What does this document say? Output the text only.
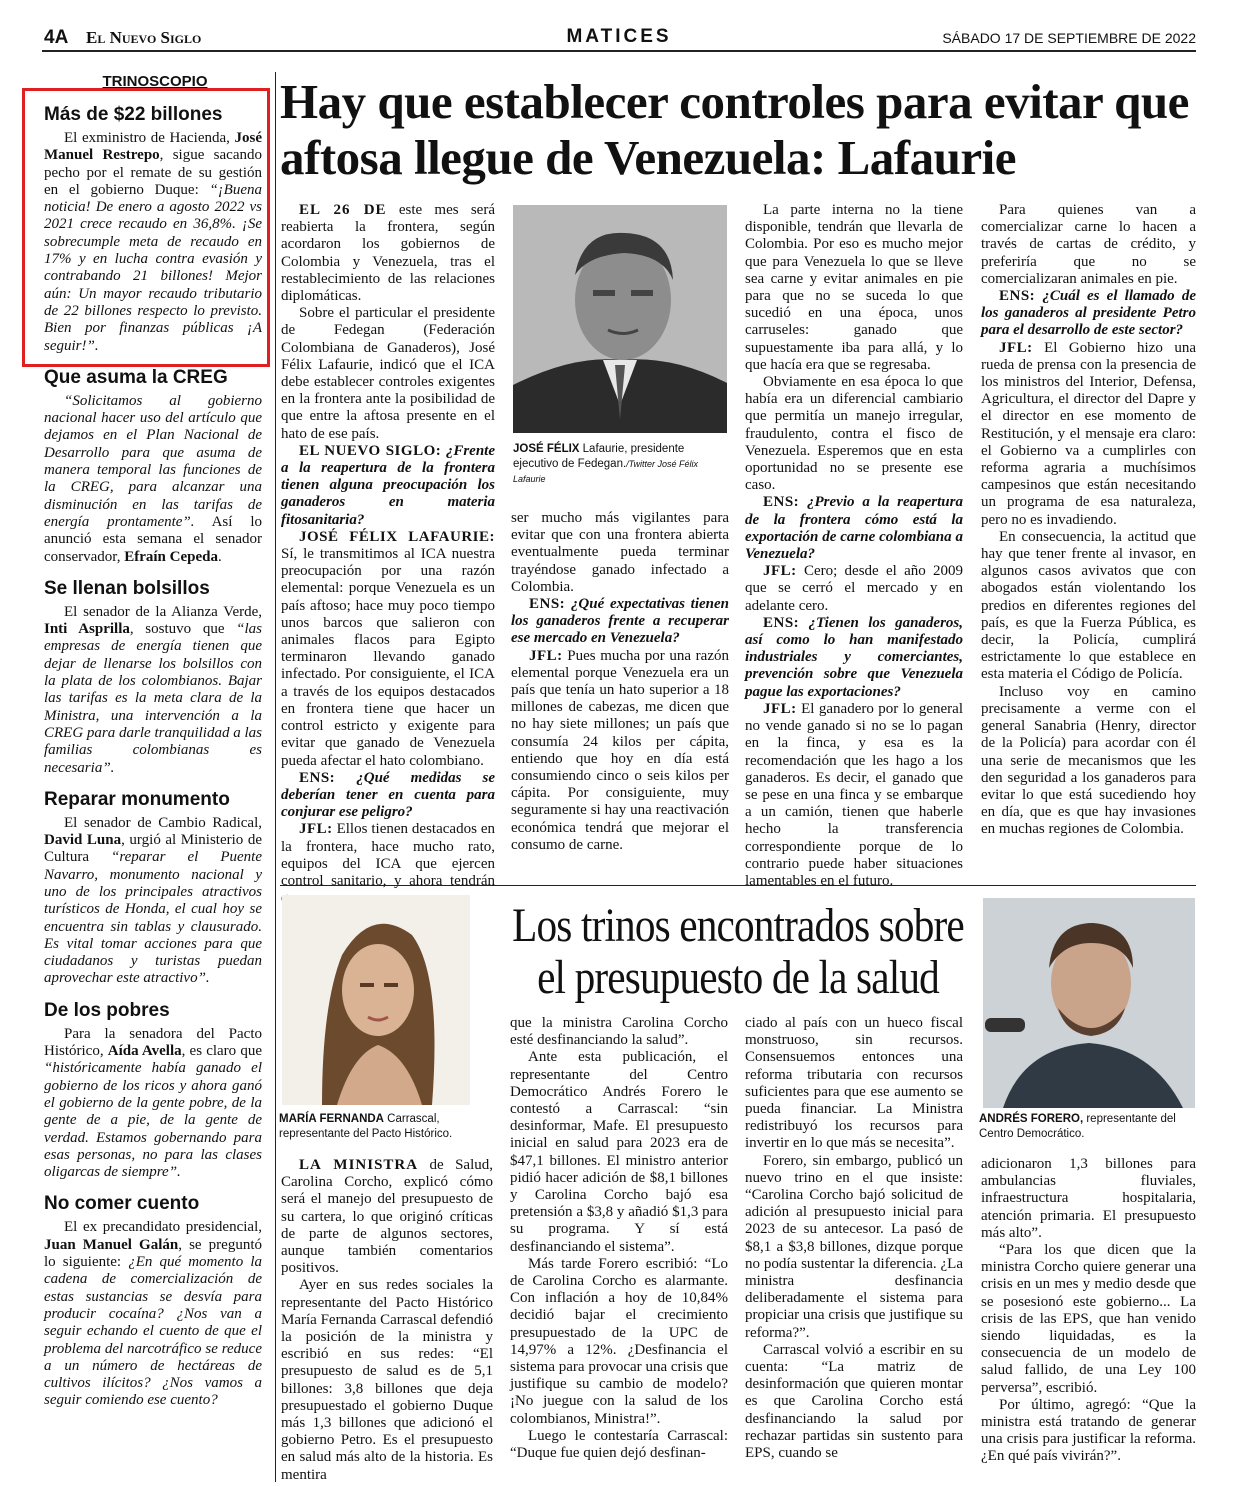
4A El Nuevo Siglo	MATICES	SÁBADO 17 DE SEPTIEMBRE DE 2022
TRINOSCOPIO
Más de $22 billones

El exministro de Hacienda, José Manuel Restrepo, sigue sacando pecho por el remate de su gestión en el gobierno Duque: “¡Buena noticia! De enero a agosto 2022 vs 2021 crece recaudo en 36,8%. ¡Se sobrecumple meta de recaudo en 17% y en lucha contra evasión y contrabando 21 billones! Mejor aún: Un mayor recaudo tributario de 22 billones respecto lo previsto. Bien por finanzas públicas ¡A seguir!”.

Que asuma la CREG

“Solicitamos al gobierno nacional hacer uso del artículo que dejamos en el Plan Nacional de Desarrollo para que asuma de manera temporal las funciones de la CREG, para alcanzar una disminución en las tarifas de energía prontamente”. Así lo anunció esta semana el senador conservador, Efraín Cepeda.

Se llenan bolsillos

El senador de la Alianza Verde, Inti Asprilla, sostuvo que “las empresas de energía tienen que dejar de llenarse los bolsillos con la plata de los colombianos. Bajar las tarifas es la meta clara de la Ministra, una intervención a la CREG para darle tranquilidad a las familias colombianas es necesaria”.

Reparar monumento

El senador de Cambio Radical, David Luna, urgió al Ministerio de Cultura “reparar el Puente Navarro, monumento nacional y uno de los principales atractivos turísticos de Honda, el cual hoy se encuentra sin tablas y clausurado. Es vital tomar acciones para que ciudadanos y turistas puedan aprovechar este atractivo”.

De los pobres

Para la senadora del Pacto Histórico, Aída Avella, es claro que “históricamente había ganado el gobierno de los ricos y ahora ganó el gobierno de la gente pobre, de la gente de a pie, de la gente de verdad. Estamos gobernando para esas personas, no para las clases oligarcas de siempre”.

No comer cuento

El ex precandidato presidencial, Juan Manuel Galán, se preguntó lo siguiente: ¿En qué momento la cadena de comercialización de estas sustancias se desvía para producir cocaína? ¿Nos van a seguir echando el cuento de que el problema del narcotráfico se reduce a un número de hectáreas de cultivos ilícitos? ¿Nos vamos a seguir comiendo ese cuento?

Hay que establecer controles para evitar que aftosa llegue de Venezuela: Lafaurie

EL 26 DE este mes será reabierta la frontera, según acordaron los gobiernos de Colombia y Venezuela, tras el restablecimiento de las relaciones diplomáticas.

Sobre el particular el presidente de Fedegan (Federación Colombiana de Ganaderos), José Félix Lafaurie, indicó que el ICA debe establecer controles exigentes en la frontera ante la posibilidad de que entre la aftosa presente en el hato de ese país.

EL NUEVO SIGLO: ¿Frente a la reapertura de la frontera tienen alguna preocupación los ganaderos en materia fitosanitaria?

JOSÉ FÉLIX LAFAURIE: Sí, le transmitimos al ICA nuestra preocupación por una razón elemental: porque Venezuela es un país aftoso; hace muy poco tiempo unos barcos que salieron con animales flacos para Egipto terminaron llevando ganado infectado. Por consiguiente, el ICA a través de los equipos destacados en frontera tiene que hacer un control estricto y exigente para evitar que ganado de Venezuela pueda afectar el hato colombiano.

ENS: ¿Qué medidas se deberían tener en cuenta para conjurar ese peligro?

JFL: Ellos tienen destacados en la frontera, hace mucho rato, equipos del ICA que ejercen control sanitario, y ahora tendrán

JOSÉ FÉLIX Lafaurie, presidente ejecutivo de Fedegan./Twitter José Félix Lafaurie

ser mucho más vigilantes para evitar que con una frontera abierta eventualmente pueda terminar trayéndose ganado infectado a Colombia.

ENS: ¿Qué expectativas tienen los ganaderos frente a recuperar ese mercado en Venezuela?

JFL: Pues mucha por una razón elemental porque Venezuela era un país que tenía un hato superior a 18 millones de cabezas, me dicen que no hay siete millones; un país que consumía 24 kilos per cápita, entiendo que hoy en día está consumiendo cinco o seis kilos per cápita. Por consiguiente, muy seguramente si hay una reactivación económica tendrá que mejorar el consumo de carne.

La parte interna no la tiene disponible, tendrán que llevarla de Colombia. Por eso es mucho mejor que para Venezuela lo que se lleve sea carne y evitar animales en pie para que no se suceda lo que sucedió en una época, unos carruseles: ganado que supuestamente iba para allá, y lo que hacía era que se regresaba.

Obviamente en esa época lo que había era un diferencial cambiario que permitía un manejo irregular, fraudulento, contra el fisco de Venezuela. Esperemos que en esta oportunidad no se presente ese caso.

ENS: ¿Previo a la reapertura de la frontera cómo está la exportación de carne colombiana a Venezuela?

JFL: Cero; desde el año 2009 que se cerró el mercado y en adelante cero.

ENS: ¿Tienen los ganaderos, así como lo han manifestado industriales y comerciantes, prevención sobre que Venezuela pague las exportaciones?

JFL: El ganadero por lo general no vende ganado si no se lo pagan en la finca, y esa es la recomendación que les hago a los ganaderos. Es decir, el ganado que se pese en una finca y se embarque a un camión, tienen que haberle hecho la transferencia correspondiente porque de lo contrario puede haber situaciones lamentables en el futuro.

Para quienes van a comercializar carne lo hacen a través de cartas de crédito, y preferiría que no se comercializaran animales en pie.

ENS: ¿Cuál es el llamado de los ganaderos al presidente Petro para el desarrollo de este sector?

JFL: El Gobierno hizo una rueda de prensa con la presencia de los ministros del Interior, Defensa, Agricultura, el director del Dapre y el director en ese momento de Restitución, y el mensaje era claro: el Gobierno va a cumplirles con reforma agraria a muchísimos campesinos que están necesitando un programa de esa naturaleza, pero no es invadiendo.

En consecuencia, la actitud que hay que tener frente al invasor, en algunos casos avivatos que con abogados están violentando los predios en diferentes regiones del país, es que la Fuerza Pública, es decir, la Policía, cumplirá estrictamente lo que establece en esta materia el Código de Policía.

Incluso voy en camino precisamente a verme con el general Sanabria (Henry, director de la Policía) para acordar con él una serie de mecanismos que les den seguridad a los ganaderos para evitar lo que está sucediendo hoy en día, que es que hay invasiones en muchas regiones de Colombia.

MARÍA FERNANDA Carrascal, representante del Pacto Histórico.
Los trinos encontrados sobre el presupuesto de la salud
ANDRÉS FORERO, representante del Centro Democrático.

LA MINISTRA de Salud, Carolina Corcho, explicó cómo será el manejo del presupuesto de su cartera, lo que originó críticas de parte de algunos sectores, aunque también comentarios positivos.

Ayer en sus redes sociales la representante del Pacto Histórico María Fernanda Carrascal defendió la posición de la ministra y escribió en sus redes: “El presupuesto de salud es de 5,1 billones: 3,8 billones que deja presupuestado el gobierno Duque más 1,3 billones que adicionó el gobierno Petro. Es el presupuesto en salud más alto de la historia. Es mentira

que la ministra Carolina Corcho esté desfinanciando la salud”.

Ante esta publicación, el representante del Centro Democrático Andrés Forero le contestó a Carrascal: “sin desinformar, Mafe. El presupuesto inicial en salud para 2023 era de $47,1 billones. El ministro anterior pidió hacer adición de $8,1 billones y Carolina Corcho bajó esa pretensión a $3,8 y añadió $1,3 para su programa. Y sí está desfinanciando el sistema”.

Más tarde Forero escribió: “Lo de Carolina Corcho es alarmante. Con inflación a hoy de 10,84% decidió bajar el crecimiento presupuestado de la UPC de 14,97% a 12%. ¿Desfinancia el sistema para provocar una crisis que justifique su cambio de modelo? ¡No juegue con la salud de los colombianos, Ministra!”.

Luego le contestaría Carrascal: “Duque fue quien dejó desfinan-

ciado al país con un hueco fiscal monstruoso, sin recursos. Consensuemos entonces una reforma tributaria con recursos suficientes para que ese aumento se pueda financiar. La Ministra redistribuyó los recursos para invertir en lo que más se necesita”.

Forero, sin embargo, publicó un nuevo trino en el que insiste: “Carolina Corcho bajó solicitud de adición al presupuesto inicial para 2023 de su antecesor. La pasó de $8,1 a $3,8 billones, dizque porque no podía sustentar la diferencia. ¿La ministra desfinancia deliberadamente el sistema para propiciar una crisis que justifique su reforma?”.

Carrascal volvió a escribir en su cuenta: “La matriz de desinformación que quieren montar es que Carolina Corcho está desfinanciando la salud por rechazar partidas sin sustento para EPS, cuando se

adicionaron 1,3 billones para ambulancias fluviales, infraestructura hospitalaria, atención primaria. El presupuesto más alto”.

“Para los que dicen que la ministra Corcho quiere generar una crisis en un mes y medio desde que se posesionó este gobierno... La crisis de las EPS, que han venido siendo liquidadas, es la consecuencia de un modelo de salud fallido, de una Ley 100 perversa”, escribió.

Por último, agregó: “Que la ministra está tratando de generar una crisis para justificar la reforma. ¿En qué país vivirán?”.
